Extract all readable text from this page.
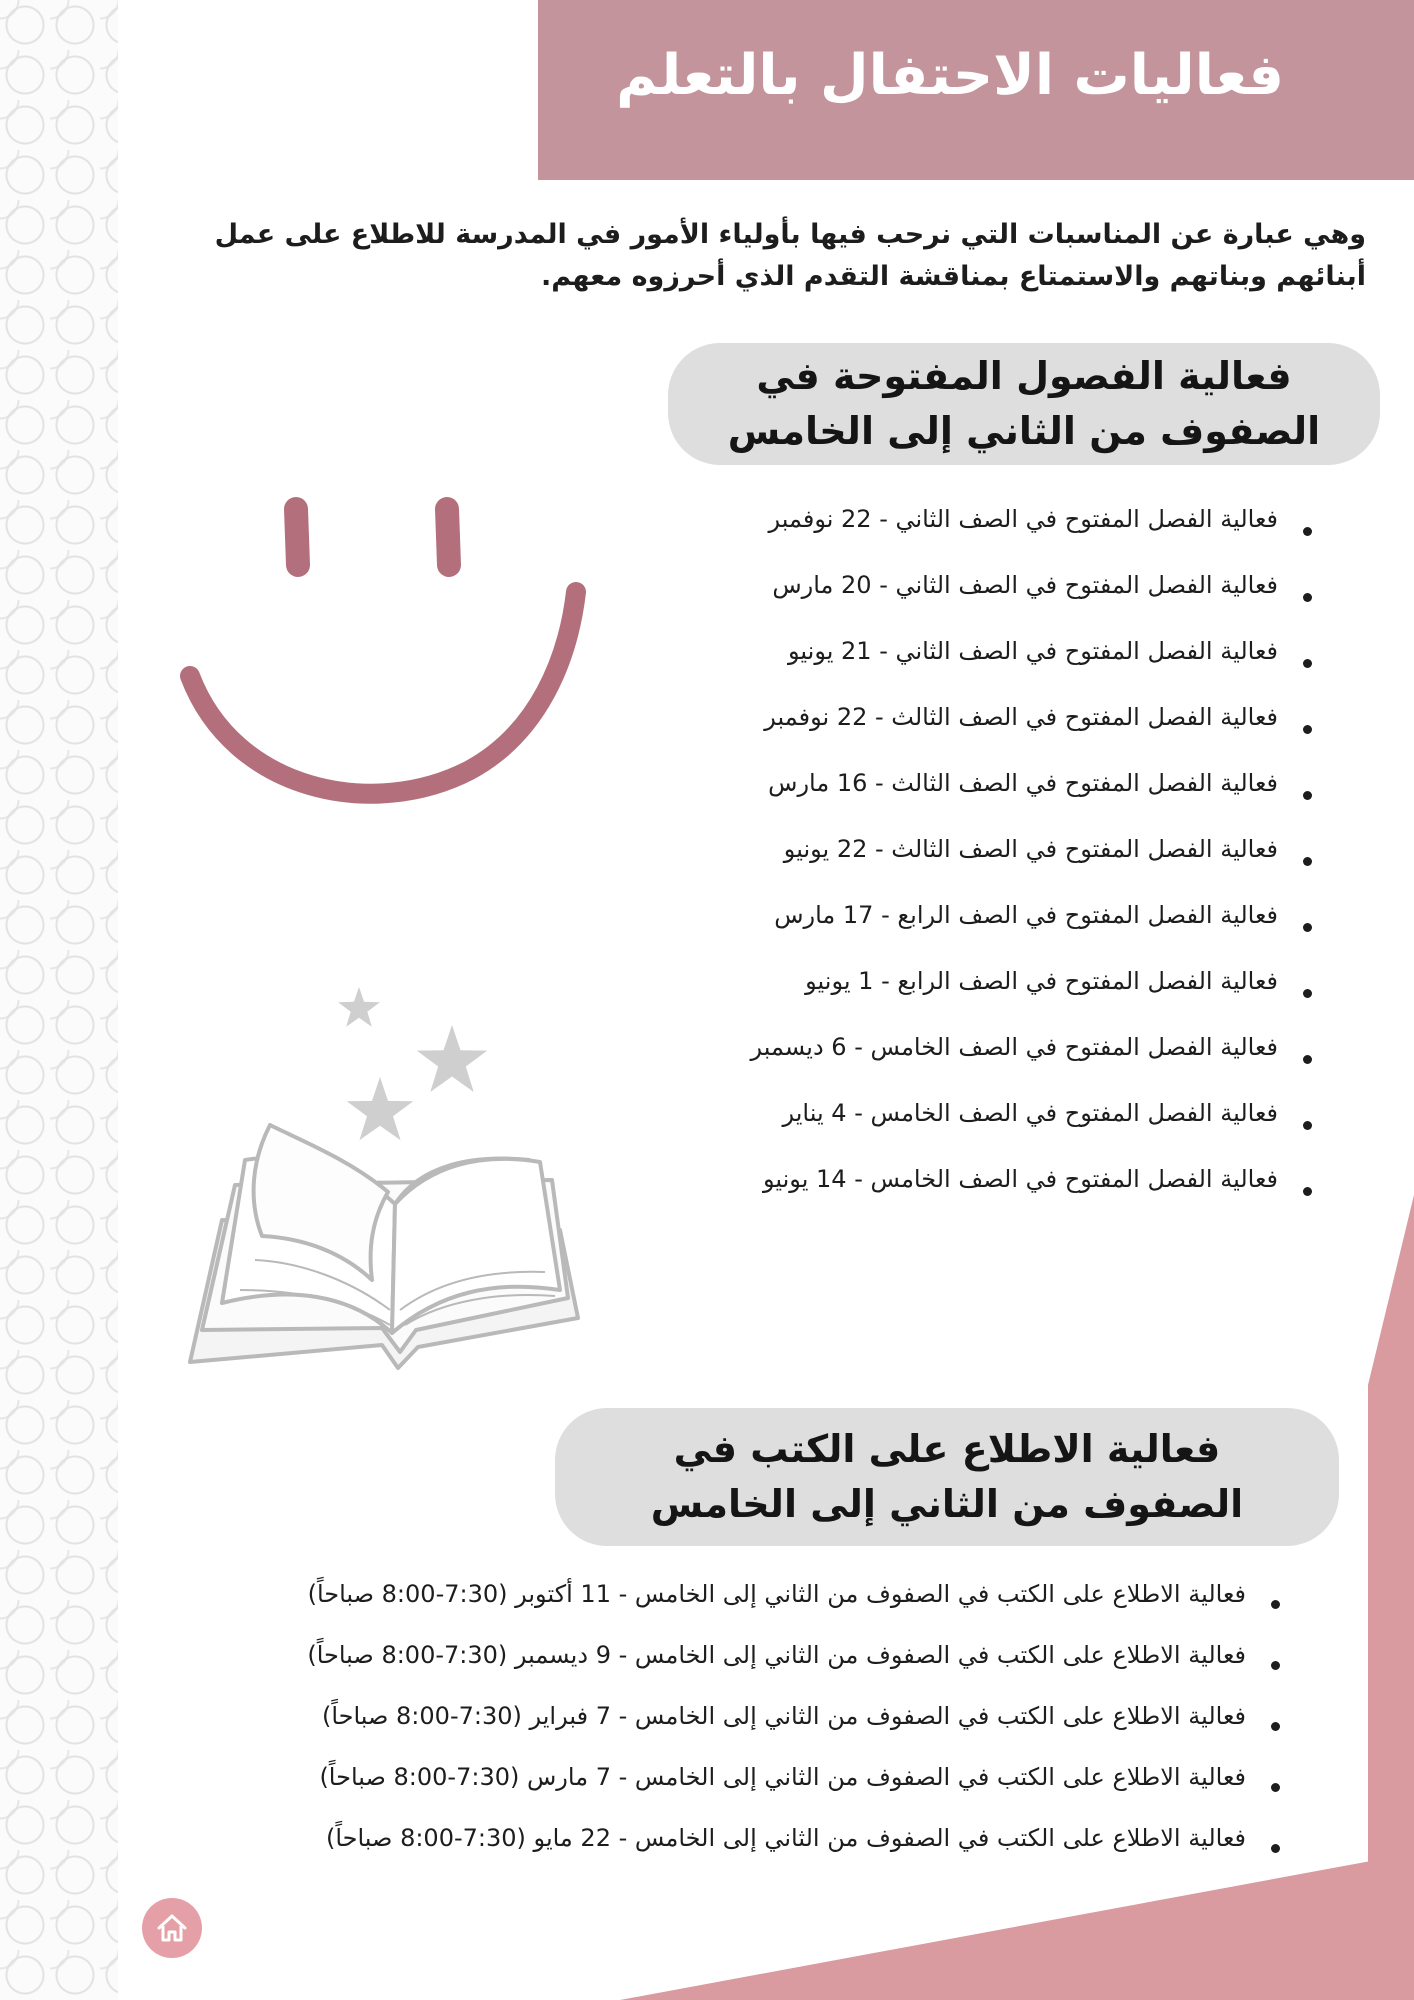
فعاليات الاحتفال بالتعلم

وهي عبارة عن المناسبات التي نرحب فيها بأولياء الأمور في المدرسة للاطلاع على عمل أبنائهم وبناتهم والاستمتاع بمناقشة التقدم الذي أحرزوه معهم.

فعالية الفصول المفتوحة في
الصفوف من الثاني إلى الخامس
فعالية الفصل المفتوح في الصف الثاني - 22 نوفمبر
فعالية الفصل المفتوح في الصف الثاني - 20 مارس
فعالية الفصل المفتوح في الصف الثاني - 21 يونيو
فعالية الفصل المفتوح في الصف الثالث - 22 نوفمبر
فعالية الفصل المفتوح في الصف الثالث - 16 مارس
فعالية الفصل المفتوح في الصف الثالث - 22 يونيو
فعالية الفصل المفتوح في الصف الرابع - 17 مارس
فعالية الفصل المفتوح في الصف الرابع - 1 يونيو
فعالية الفصل المفتوح في الصف الخامس - 6 ديسمبر
فعالية الفصل المفتوح في الصف الخامس - 4 يناير
فعالية الفصل المفتوح في الصف الخامس - 14 يونيو
فعالية الاطلاع على الكتب في
الصفوف من الثاني إلى الخامس
فعالية الاطلاع على الكتب في الصفوف من الثاني إلى الخامس - 11 أكتوبر (7:30-8:00 صباحاً)
فعالية الاطلاع على الكتب في الصفوف من الثاني إلى الخامس - 9 ديسمبر (7:30-8:00 صباحاً)
فعالية الاطلاع على الكتب في الصفوف من الثاني إلى الخامس - 7 فبراير (7:30-8:00 صباحاً)
فعالية الاطلاع على الكتب في الصفوف من الثاني إلى الخامس - 7 مارس (7:30-8:00 صباحاً)
فعالية الاطلاع على الكتب في الصفوف من الثاني إلى الخامس - 22 مايو (7:30-8:00 صباحاً)
